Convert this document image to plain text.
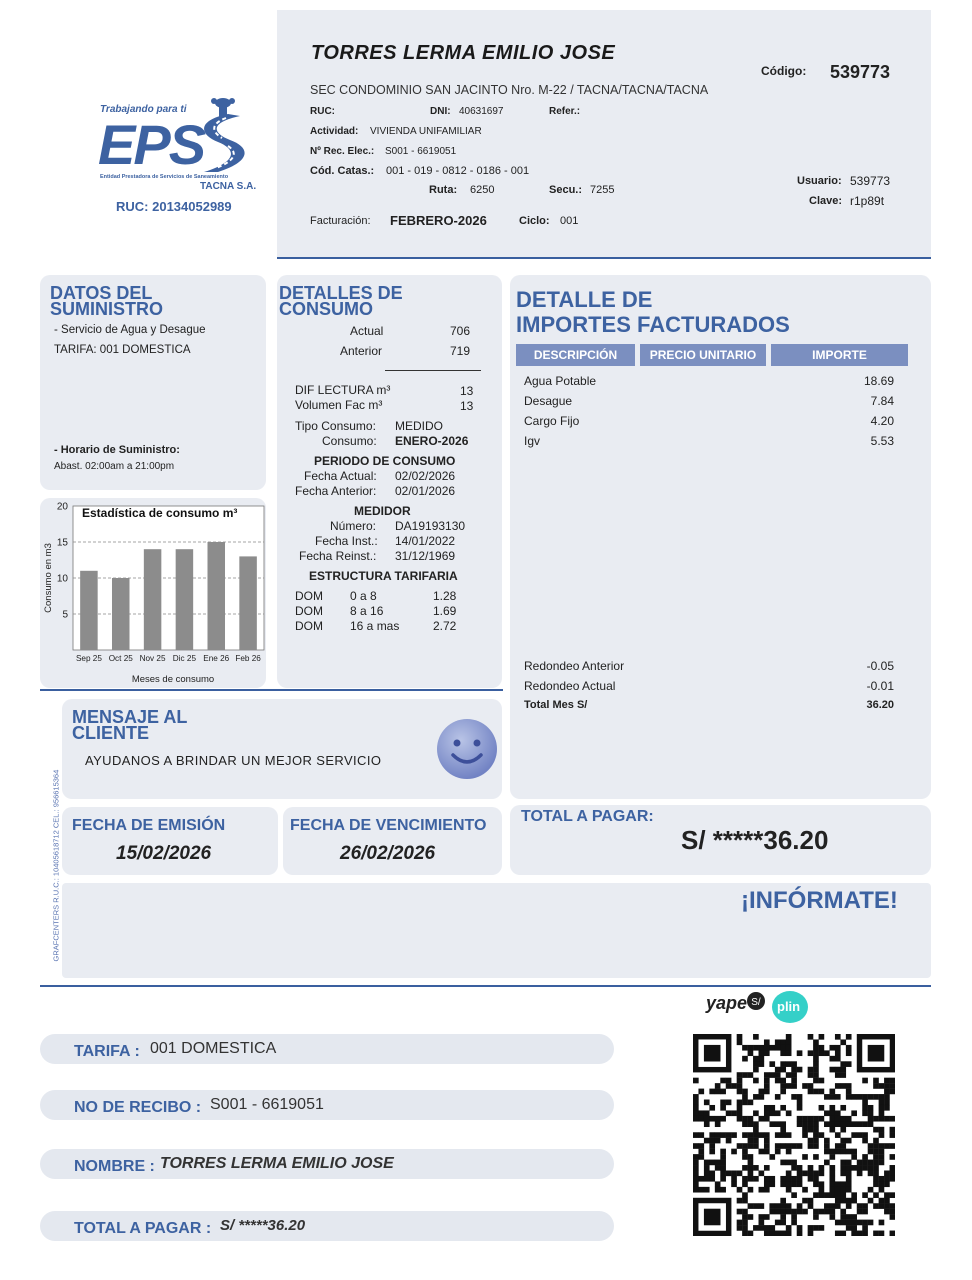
Trabajando para ti
EPS
Entidad Prestadora de Servicios de Saneamiento
TACNA S.A.
RUC: 20134052989
TORRES LERMA EMILIO JOSE
SEC CONDOMINIO SAN JACINTO Nro. M-22 / TACNA/TACNA/TACNA
Código: 539773
RUC:	DNI: 40631697	Refer.:
Actividad: VIVIENDA UNIFAMILIAR
Nº Rec. Elec.: S001 - 6619051
Cód. Catas.: 001 - 019 - 0812 - 0186 - 001
Ruta: 6250	Secu.: 7255
Usuario: 539773
Clave: r1p89t
Facturación: FEBRERO-2026	Ciclo: 001
DATOS DEL
SUMINISTRO
- Servicio de Agua y Desague
TARIFA: 001 DOMESTICA
- Horario de Suministro:
Abast. 02:00am a 21:00pm
5
10
15
20
Sep 25 Oct 25 Nov 25 Dic 25 Ene 26 Feb 26
Estadística de consumo m³
Meses de consumo
Consumo en m3
DETALLES DE
CONSUMO
Actual	706
Anterior	719
DIF LECTURA m³	13
Volumen Fac m³	13
Tipo Consumo: MEDIDO
Consumo: ENERO-2026
PERIODO DE CONSUMO
Fecha Actual: 02/02/2026
Fecha Anterior: 02/01/2026
MEDIDOR
Número: DA19193130
Fecha Inst.: 14/01/2022
Fecha Reinst.: 31/12/1969
ESTRUCTURA TARIFARIA
DOM 0 a 8	1.28
DOM 8 a 16	1.69
DOM 16 a mas	2.72
DETALLE DE
IMPORTES FACTURADOS
DESCRIPCIÓN	PRECIO UNITARIO	IMPORTE
Agua Potable	18.69
Desague	7.84
Cargo Fijo	4.20
Igv	5.53
Redondeo Anterior	-0.05
Redondeo Actual	-0.01
Total Mes S/	36.20
MENSAJE AL
CLIENTE
AYUDANOS A BRINDAR UN MEJOR SERVICIO
GRAFCENTERS R.U.C.: 10405618712 CEL.: 956615364 FECHA DE EMISIÓN
15/02/2026
FECHA DE VENCIMIENTO
26/02/2026
TOTAL A PAGAR:
S/ *****36.20
¡INFÓRMATE!
yape S/ plin
TARIFA : 001 DOMESTICA
NO DE RECIBO : S001 - 6619051
NOMBRE : TORRES LERMA EMILIO JOSE
TOTAL A PAGAR : S/ *****36.20
